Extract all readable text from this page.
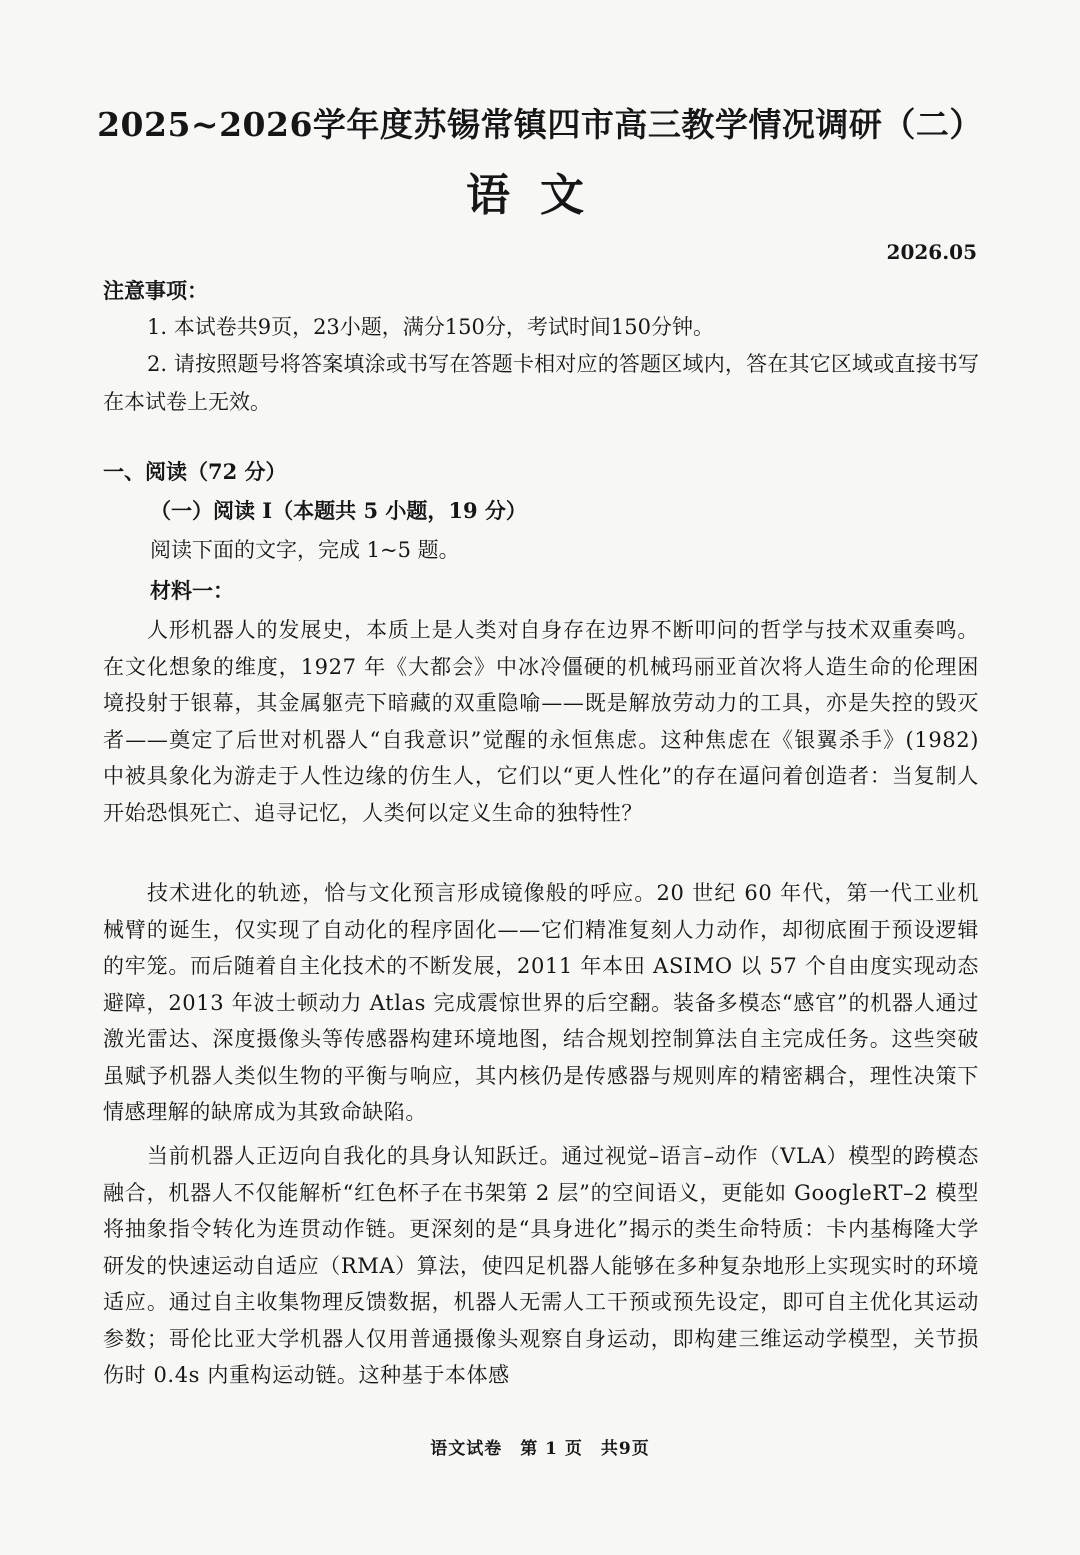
2025~2026学年度苏锡常镇四市高三教学情况调研（二）
语文
2026.05
注意事项：

1. 本试卷共9页，23小题，满分150分，考试时间150分钟。

2. 请按照题号将答案填涂或书写在答题卡相对应的答题区域内，答在其它区域或直接书写在本试卷上无效。

一、阅读（72 分）
（一）阅读 I（本题共 5 小题，19 分）
阅读下面的文字，完成 1~5 题。
材料一：

人形机器人的发展史，本质上是人类对自身存在边界不断叩问的哲学与技术双重奏鸣。在文化想象的维度，1927 年《大都会》中冰冷僵硬的机械玛丽亚首次将人造生命的伦理困境投射于银幕，其金属躯壳下暗藏的双重隐喻——既是解放劳动力的工具，亦是失控的毁灭者——奠定了后世对机器人“自我意识”觉醒的永恒焦虑。这种焦虑在《银翼杀手》(1982) 中被具象化为游走于人性边缘的仿生人，它们以“更人性化”的存在逼问着创造者：当复制人开始恐惧死亡、追寻记忆，人类何以定义生命的独特性？

技术进化的轨迹，恰与文化预言形成镜像般的呼应。20 世纪 60 年代，第一代工业机械臂的诞生，仅实现了自动化的程序固化——它们精准复刻人力动作，却彻底囿于预设逻辑的牢笼。而后随着自主化技术的不断发展，2011 年本田 ASIMO 以 57 个自由度实现动态避障，2013 年波士顿动力 Atlas 完成震惊世界的后空翻。装备多模态“感官”的机器人通过激光雷达、深度摄像头等传感器构建环境地图，结合规划控制算法自主完成任务。这些突破虽赋予机器人类似生物的平衡与响应，其内核仍是传感器与规则库的精密耦合，理性决策下情感理解的缺席成为其致命缺陷。

当前机器人正迈向自我化的具身认知跃迁。通过视觉–语言–动作（VLA）模型的跨模态融合，机器人不仅能解析“红色杯子在书架第 2 层”的空间语义，更能如 GoogleRT–2 模型将抽象指令转化为连贯动作链。更深刻的是“具身进化”揭示的类生命特质：卡内基梅隆大学研发的快速运动自适应（RMA）算法，使四足机器人能够在多种复杂地形上实现实时的环境适应。通过自主收集物理反馈数据，机器人无需人工干预或预先设定，即可自主优化其运动参数；哥伦比亚大学机器人仅用普通摄像头观察自身运动，即构建三维运动学模型，关节损伤时 0.4s 内重构运动链。这种基于本体感

语文试卷　第 1 页　共9页
